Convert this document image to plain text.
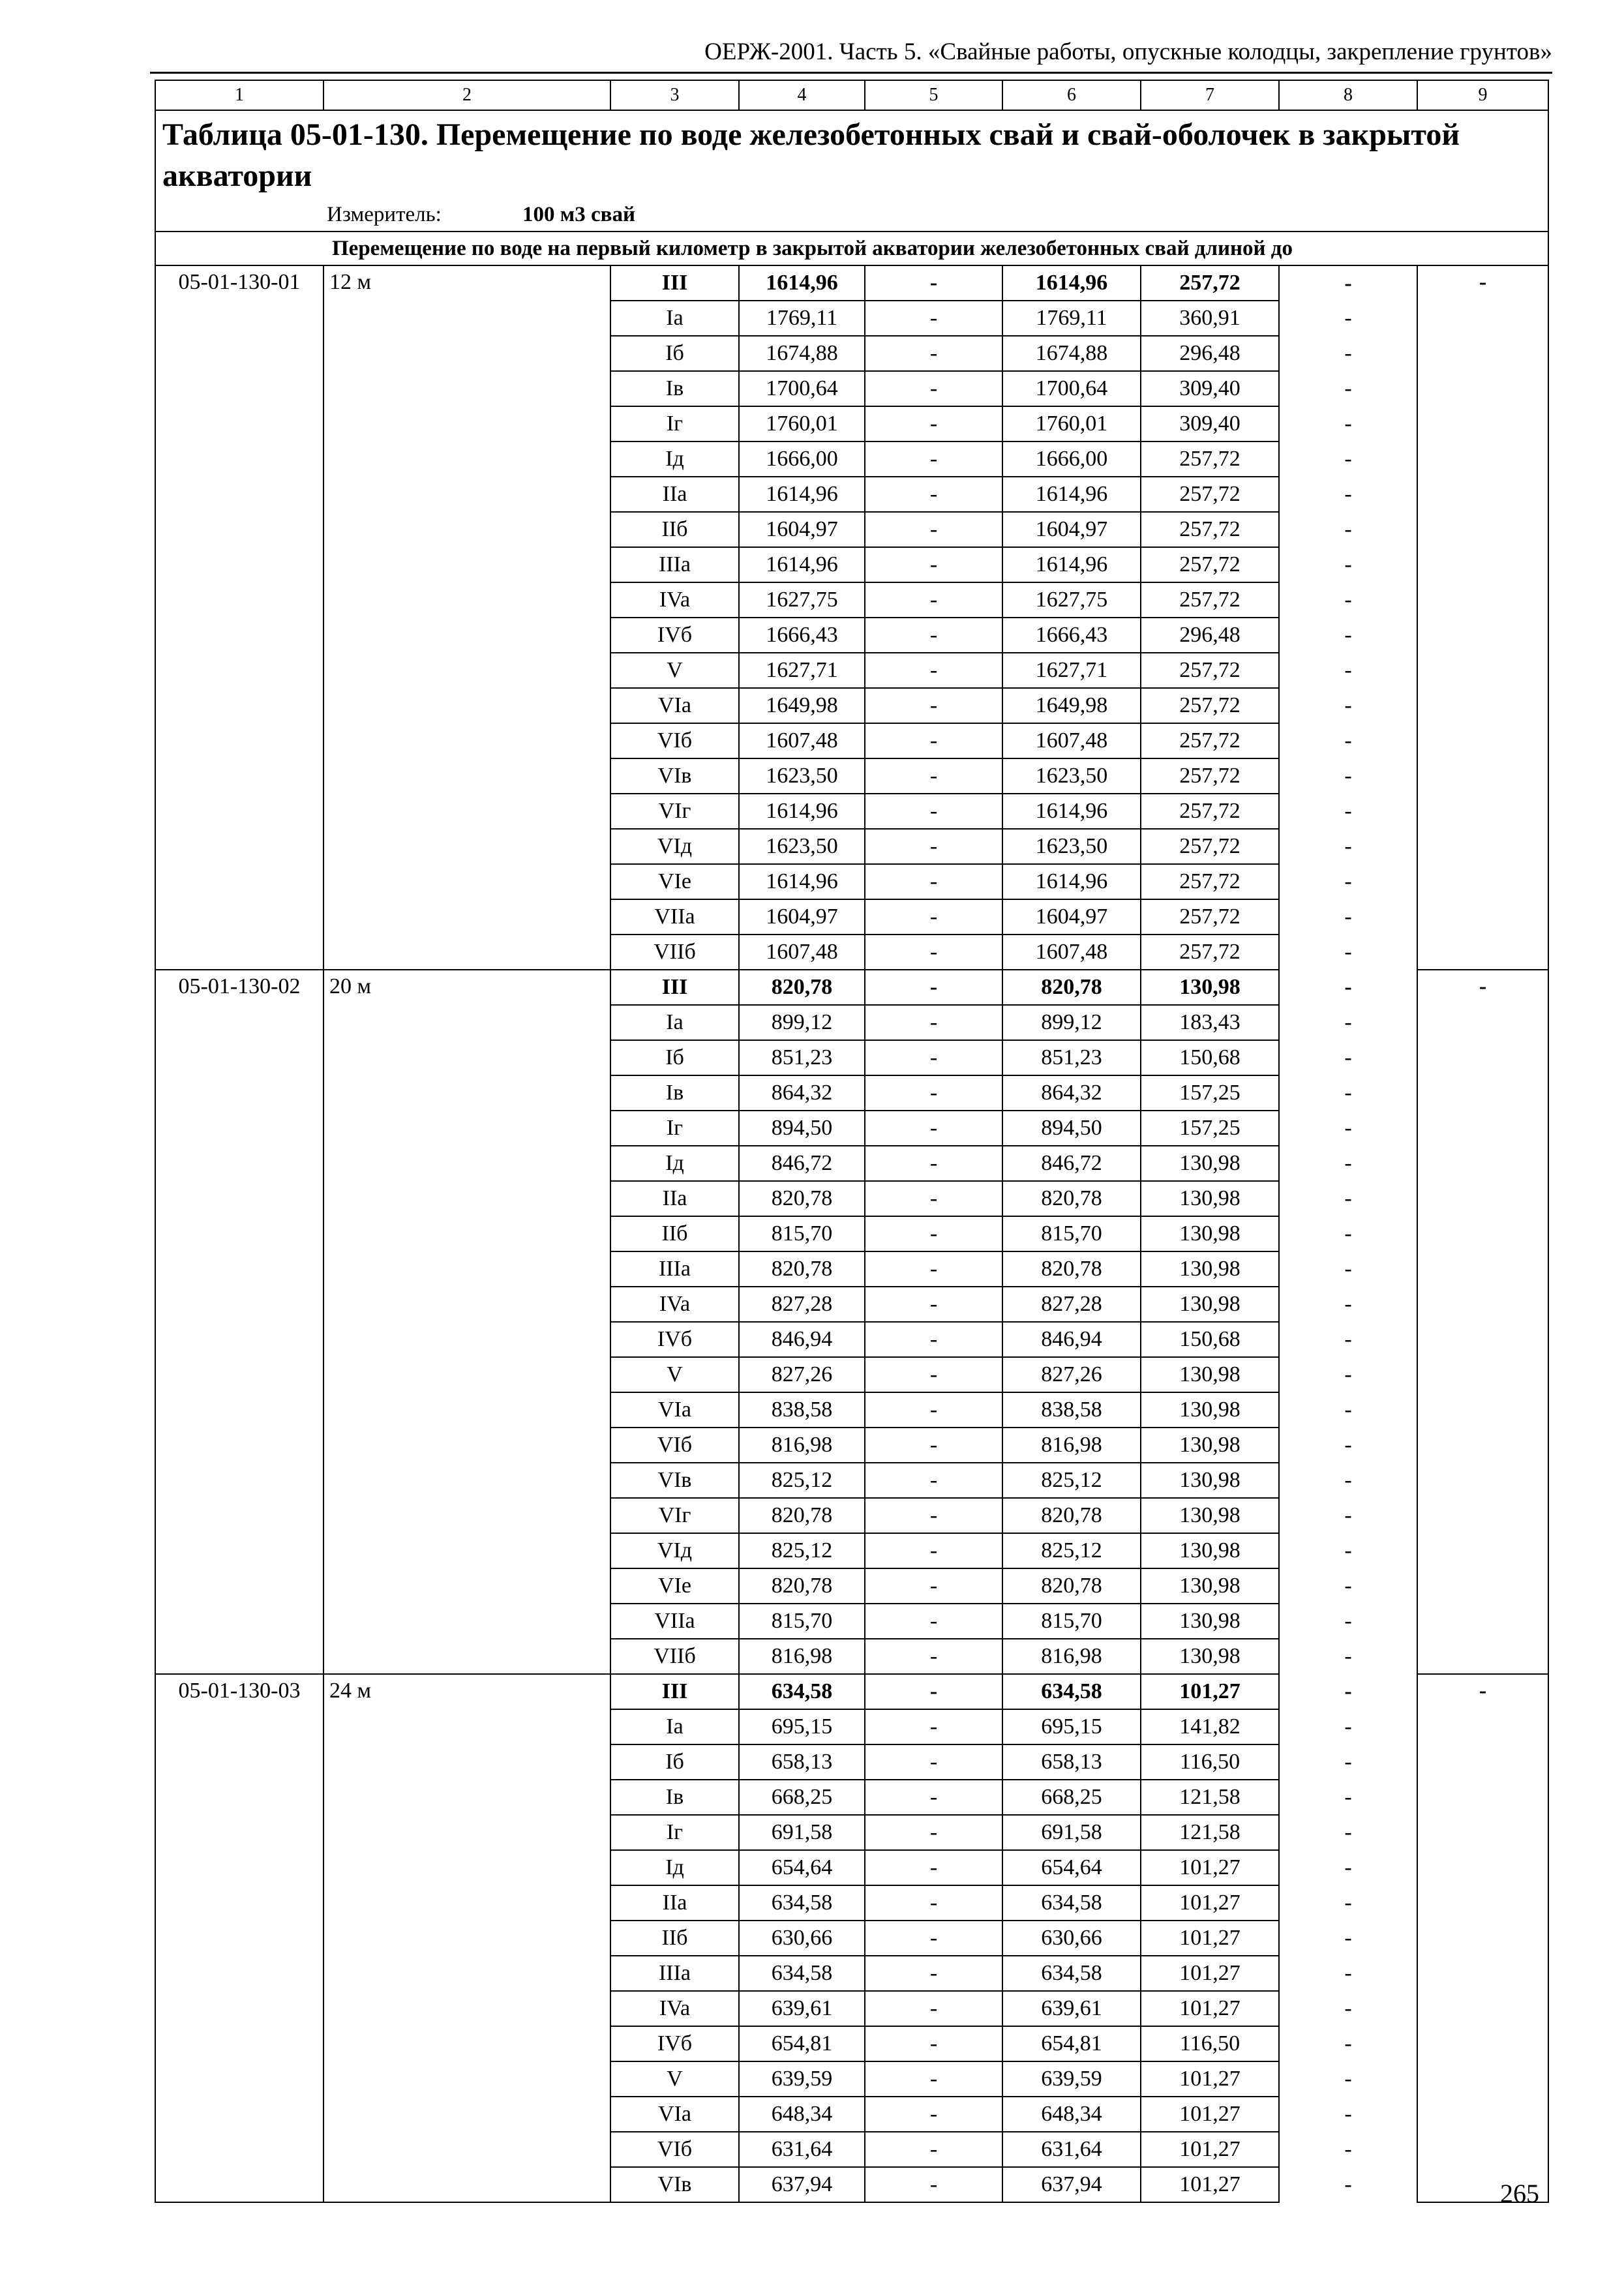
ОЕРЖ-2001. Часть 5. «Свайные работы, опускные колодцы, закрепление грунтов»
1	2	3	4	5	6	7	8	9
Таблица 05-01-130. Перемещение по воде железобетонных свай и свай-оболочек в закрытой акватории								
Измеритель: 100 м3 свай								
Перемещение по воде на первый километр в закрытой акватории железобетонных свай длиной до								
05-01-130-01	12 м	III	1614,96	-	1614,96	257,72	-	-
		Ia	1769,11	-	1769,11	360,91	-	
		Iб	1674,88	-	1674,88	296,48	-	
		Iв	1700,64	-	1700,64	309,40	-	
		Iг	1760,01	-	1760,01	309,40	-	
		Iд	1666,00	-	1666,00	257,72	-	
		IIa	1614,96	-	1614,96	257,72	-	
		IIб	1604,97	-	1604,97	257,72	-	
		IIIa	1614,96	-	1614,96	257,72	-	
		IVa	1627,75	-	1627,75	257,72	-	
		IVб	1666,43	-	1666,43	296,48	-	
		V	1627,71	-	1627,71	257,72	-	
		VIa	1649,98	-	1649,98	257,72	-	
		VIб	1607,48	-	1607,48	257,72	-	
		VIв	1623,50	-	1623,50	257,72	-	
		VIг	1614,96	-	1614,96	257,72	-	
		VIд	1623,50	-	1623,50	257,72	-	
		VIe	1614,96	-	1614,96	257,72	-	
		VIIa	1604,97	-	1604,97	257,72	-	
		VIIб	1607,48	-	1607,48	257,72	-	
05-01-130-02	20 м	III	820,78	-	820,78	130,98	-	-
		Ia	899,12	-	899,12	183,43	-	
		Iб	851,23	-	851,23	150,68	-	
		Iв	864,32	-	864,32	157,25	-	
		Iг	894,50	-	894,50	157,25	-	
		Iд	846,72	-	846,72	130,98	-	
		IIa	820,78	-	820,78	130,98	-	
		IIб	815,70	-	815,70	130,98	-	
		IIIa	820,78	-	820,78	130,98	-	
		IVa	827,28	-	827,28	130,98	-	
		IVб	846,94	-	846,94	150,68	-	
		V	827,26	-	827,26	130,98	-	
		VIa	838,58	-	838,58	130,98	-	
		VIб	816,98	-	816,98	130,98	-	
		VIв	825,12	-	825,12	130,98	-	
		VIг	820,78	-	820,78	130,98	-	
		VIд	825,12	-	825,12	130,98	-	
		VIe	820,78	-	820,78	130,98	-	
		VIIa	815,70	-	815,70	130,98	-	
		VIIб	816,98	-	816,98	130,98	-	
05-01-130-03	24 м	III	634,58	-	634,58	101,27	-	-
		Ia	695,15	-	695,15	141,82	-	
		Iб	658,13	-	658,13	116,50	-	
		Iв	668,25	-	668,25	121,58	-	
		Iг	691,58	-	691,58	121,58	-	
		Iд	654,64	-	654,64	101,27	-	
		IIa	634,58	-	634,58	101,27	-	
		IIб	630,66	-	630,66	101,27	-	
		IIIa	634,58	-	634,58	101,27	-	
		IVa	639,61	-	639,61	101,27	-	
		IVб	654,81	-	654,81	116,50	-	
		V	639,59	-	639,59	101,27	-	
		VIa	648,34	-	648,34	101,27	-	
		VIб	631,64	-	631,64	101,27	-	
		VIв	637,94	-	637,94	101,27	-		265
